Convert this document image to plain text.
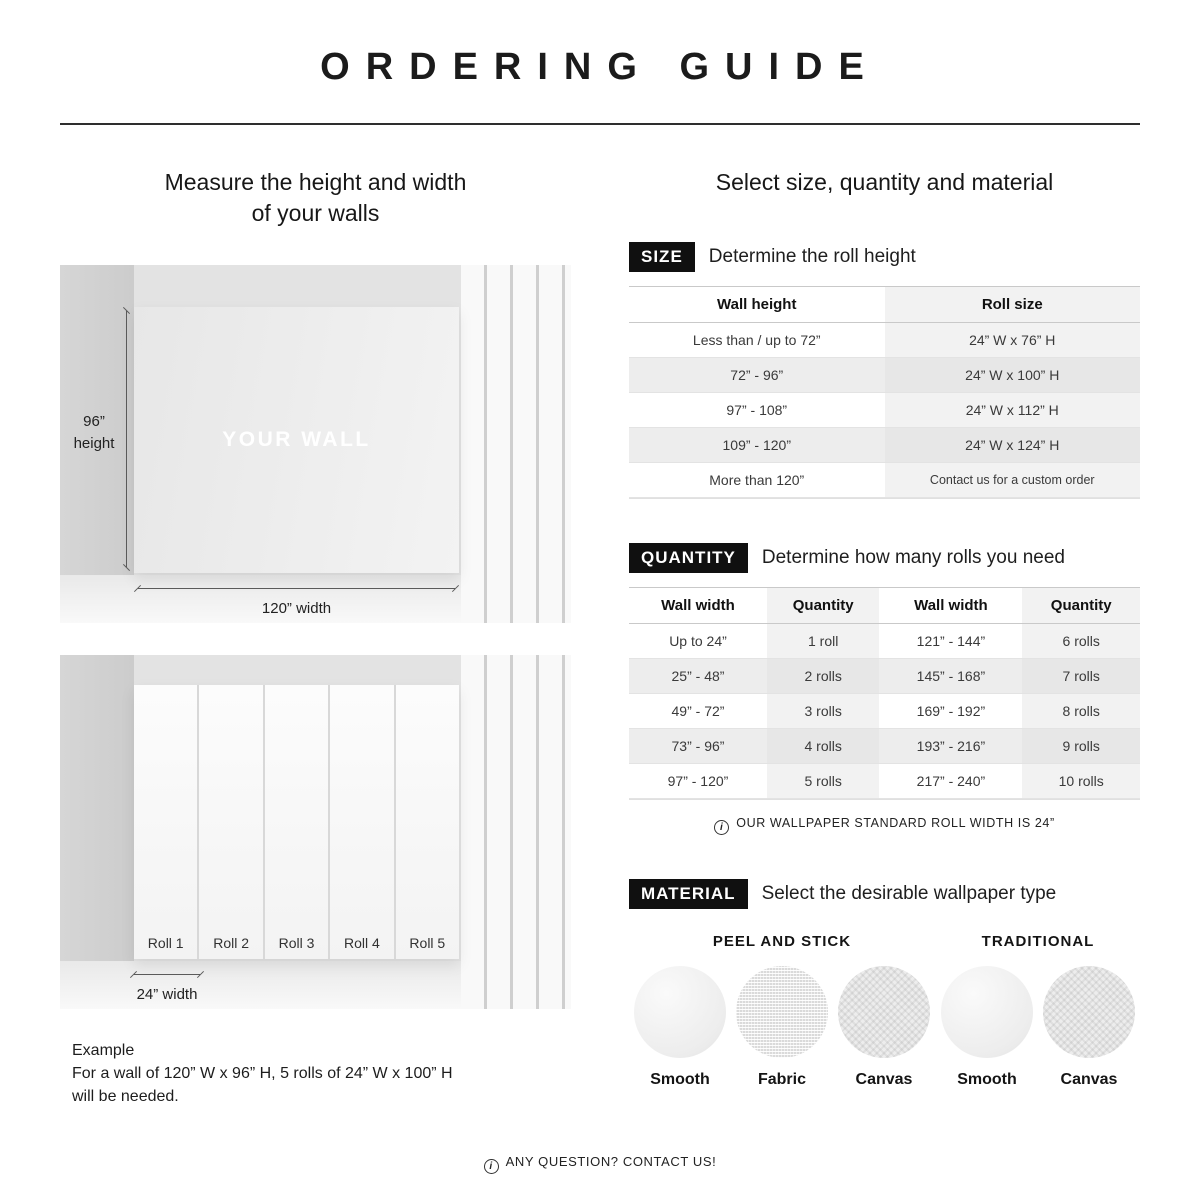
ORDERING GUIDE
Measure the height and width
of your walls
YOUR WALL
96”
height
120” width
Roll 1 Roll 2 Roll 3 Roll 4 Roll 5
24” width
Example
For a wall of 120” W x 96” H, 5 rolls of 24” W x 100” H
will be needed.
Select size, quantity and material
SIZE	Determine the roll height
Wall height	Roll size
Less than / up to 72”	24” W x 76” H
72” - 96”	24” W x 100” H
97” - 108”	24” W x 112” H
109” - 120”	24” W x 124” H
More than 120”	Contact us for a custom order
QUANTITY	Determine how many rolls you need
Wall width	Quantity	Wall width	Quantity
Up to 24”	1 roll	121” - 144”	6 rolls
25” - 48”	2 rolls	145” - 168”	7 rolls
49” - 72”	3 rolls	169” - 192”	8 rolls
73” - 96”	4 rolls	193” - 216”	9 rolls
97” - 120”	5 rolls	217” - 240”	10 rolls
i OUR WALLPAPER STANDARD ROLL WIDTH IS 24”
MATERIAL	Select the desirable wallpaper type
PEEL AND STICK
Smooth	Fabric	Canvas
TRADITIONAL
Smooth	Canvas
i ANY QUESTION? CONTACT US!
